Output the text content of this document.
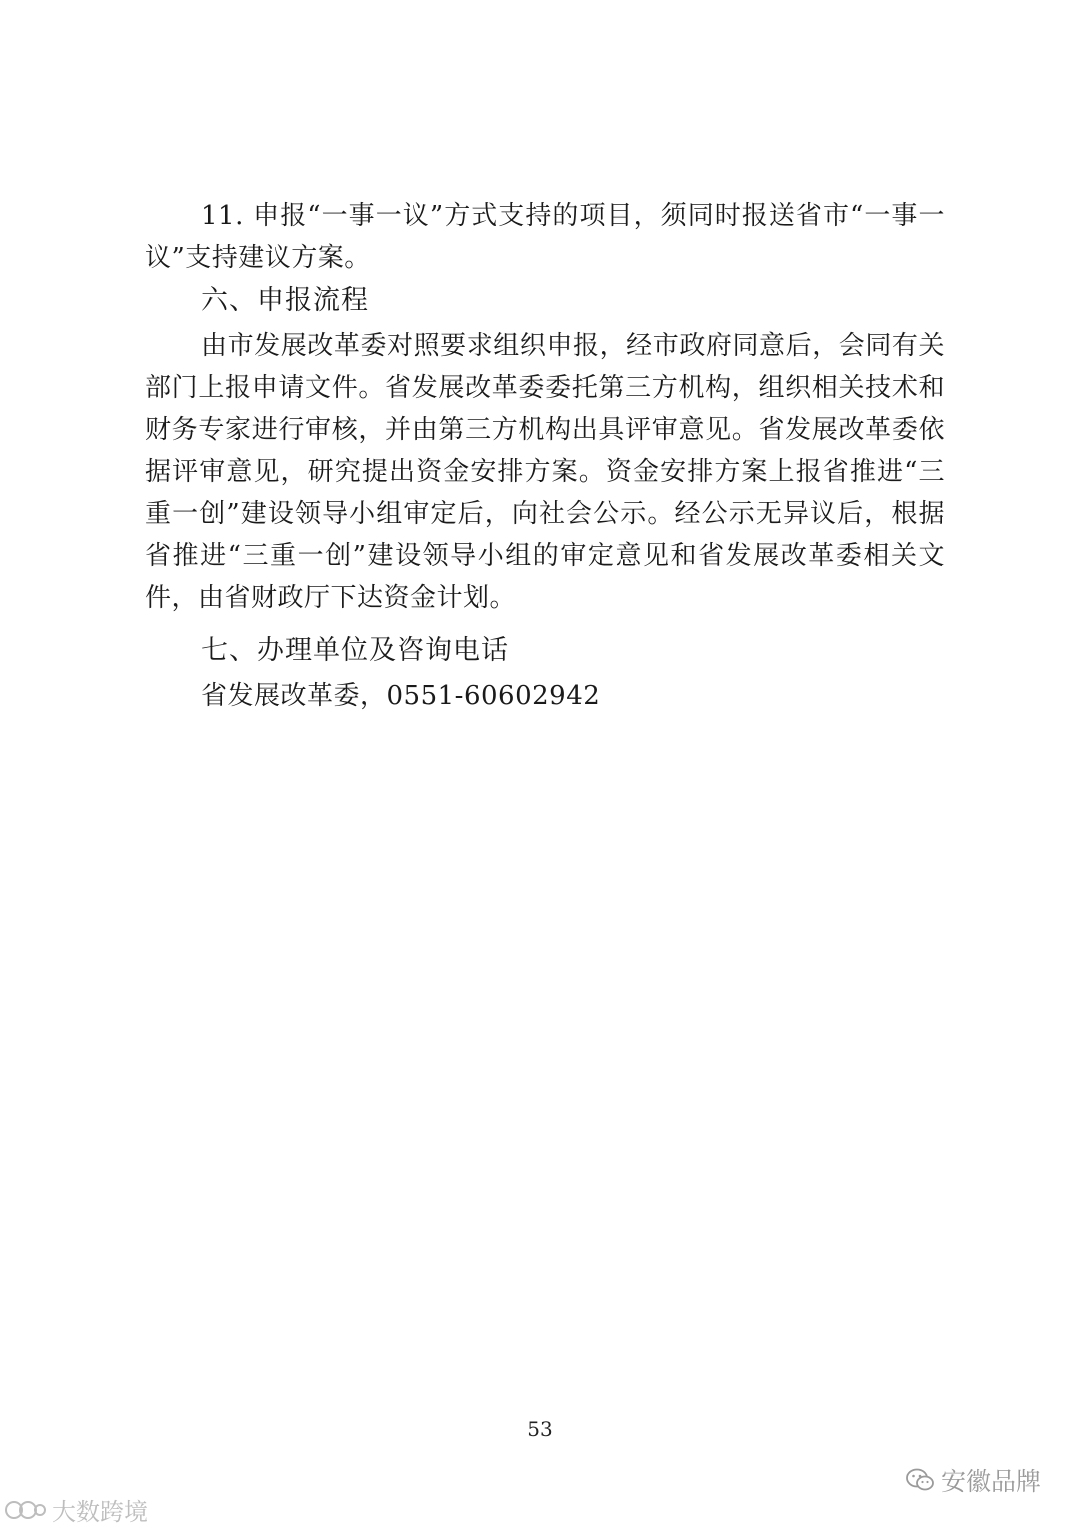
11. 申报“一事一议”方式支持的项目，须同时报送省市“一事一议”支持建议方案。

六、申报流程

由市发展改革委对照要求组织申报，经市政府同意后，会同有关部门上报申请文件。省发展改革委委托第三方机构，组织相关技术和财务专家进行审核，并由第三方机构出具评审意见。省发展改革委依据评审意见，研究提出资金安排方案。资金安排方案上报省推进“三重一创”建设领导小组审定后，向社会公示。经公示无异议后，根据省推进“三重一创”建设领导小组的审定意见和省发展改革委相关文件，由省财政厅下达资金计划。

七、办理单位及咨询电话
省发展改革委，0551-60602942
53
安徽品牌
大数跨境
